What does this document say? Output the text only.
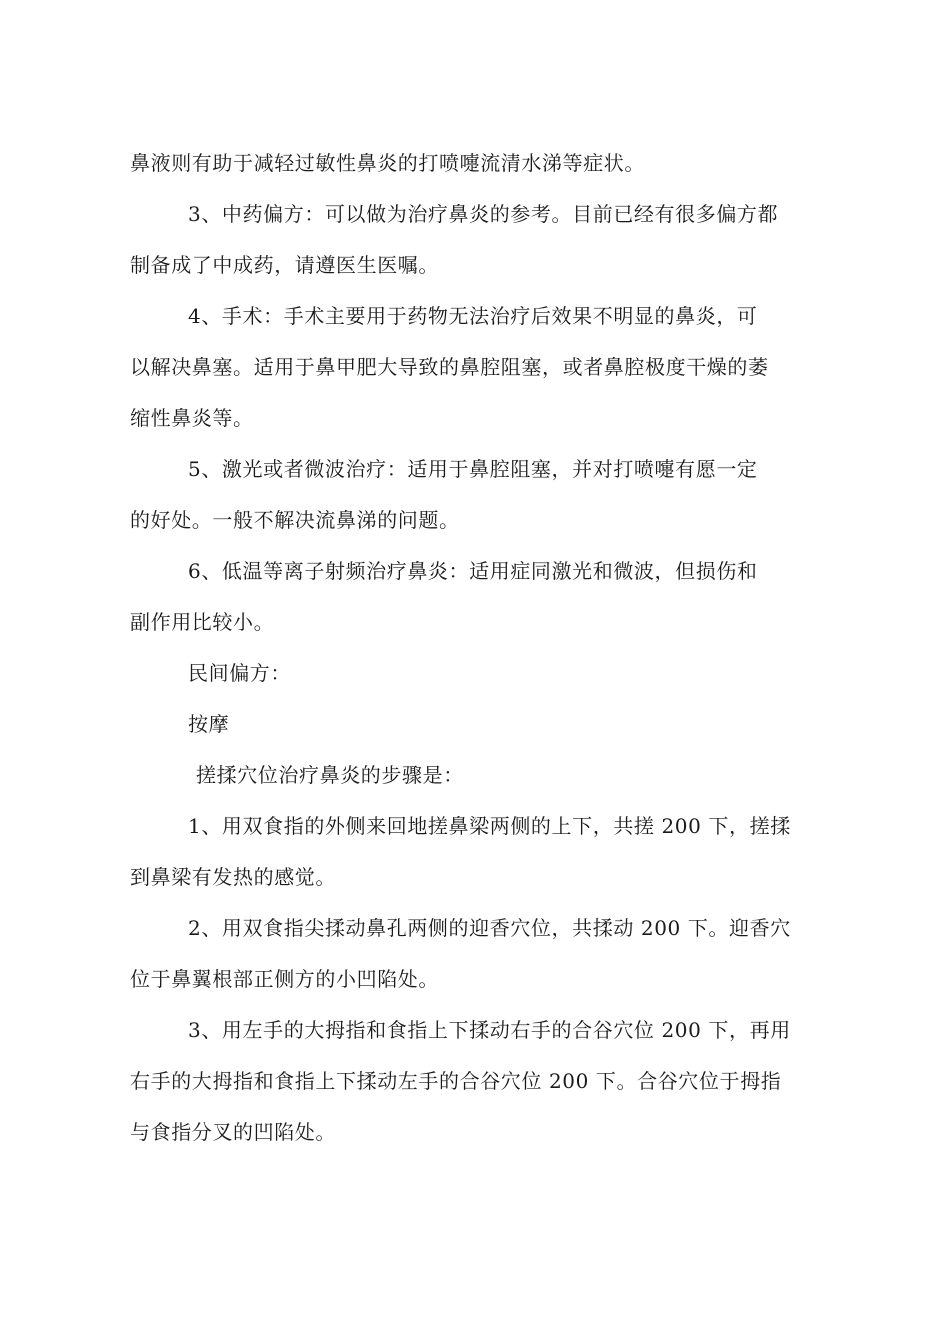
鼻液则有助于减轻过敏性鼻炎的打喷嚏流清水涕等症状。
3、中药偏方：可以做为治疗鼻炎的参考。目前已经有很多偏方都
制备成了中成药，请遵医生医嘱。
4、手术：手术主要用于药物无法治疗后效果不明显的鼻炎，可
以解决鼻塞。适用于鼻甲肥大导致的鼻腔阻塞，或者鼻腔极度干燥的萎
缩性鼻炎等。
5、激光或者微波治疗：适用于鼻腔阻塞，并对打喷嚏有愿一定
的好处。一般不解决流鼻涕的问题。
6、低温等离子射频治疗鼻炎：适用症同激光和微波，但损伤和
副作用比较小。
民间偏方：
按摩
搓揉穴位治疗鼻炎的步骤是：
1、用双食指的外侧来回地搓鼻梁两侧的上下，共搓 200 下，搓揉
到鼻梁有发热的感觉。
2、用双食指尖揉动鼻孔两侧的迎香穴位，共揉动 200 下。迎香穴
位于鼻翼根部正侧方的小凹陷处。
3、用左手的大拇指和食指上下揉动右手的合谷穴位 200 下，再用
右手的大拇指和食指上下揉动左手的合谷穴位 200 下。合谷穴位于拇指
与食指分叉的凹陷处。
